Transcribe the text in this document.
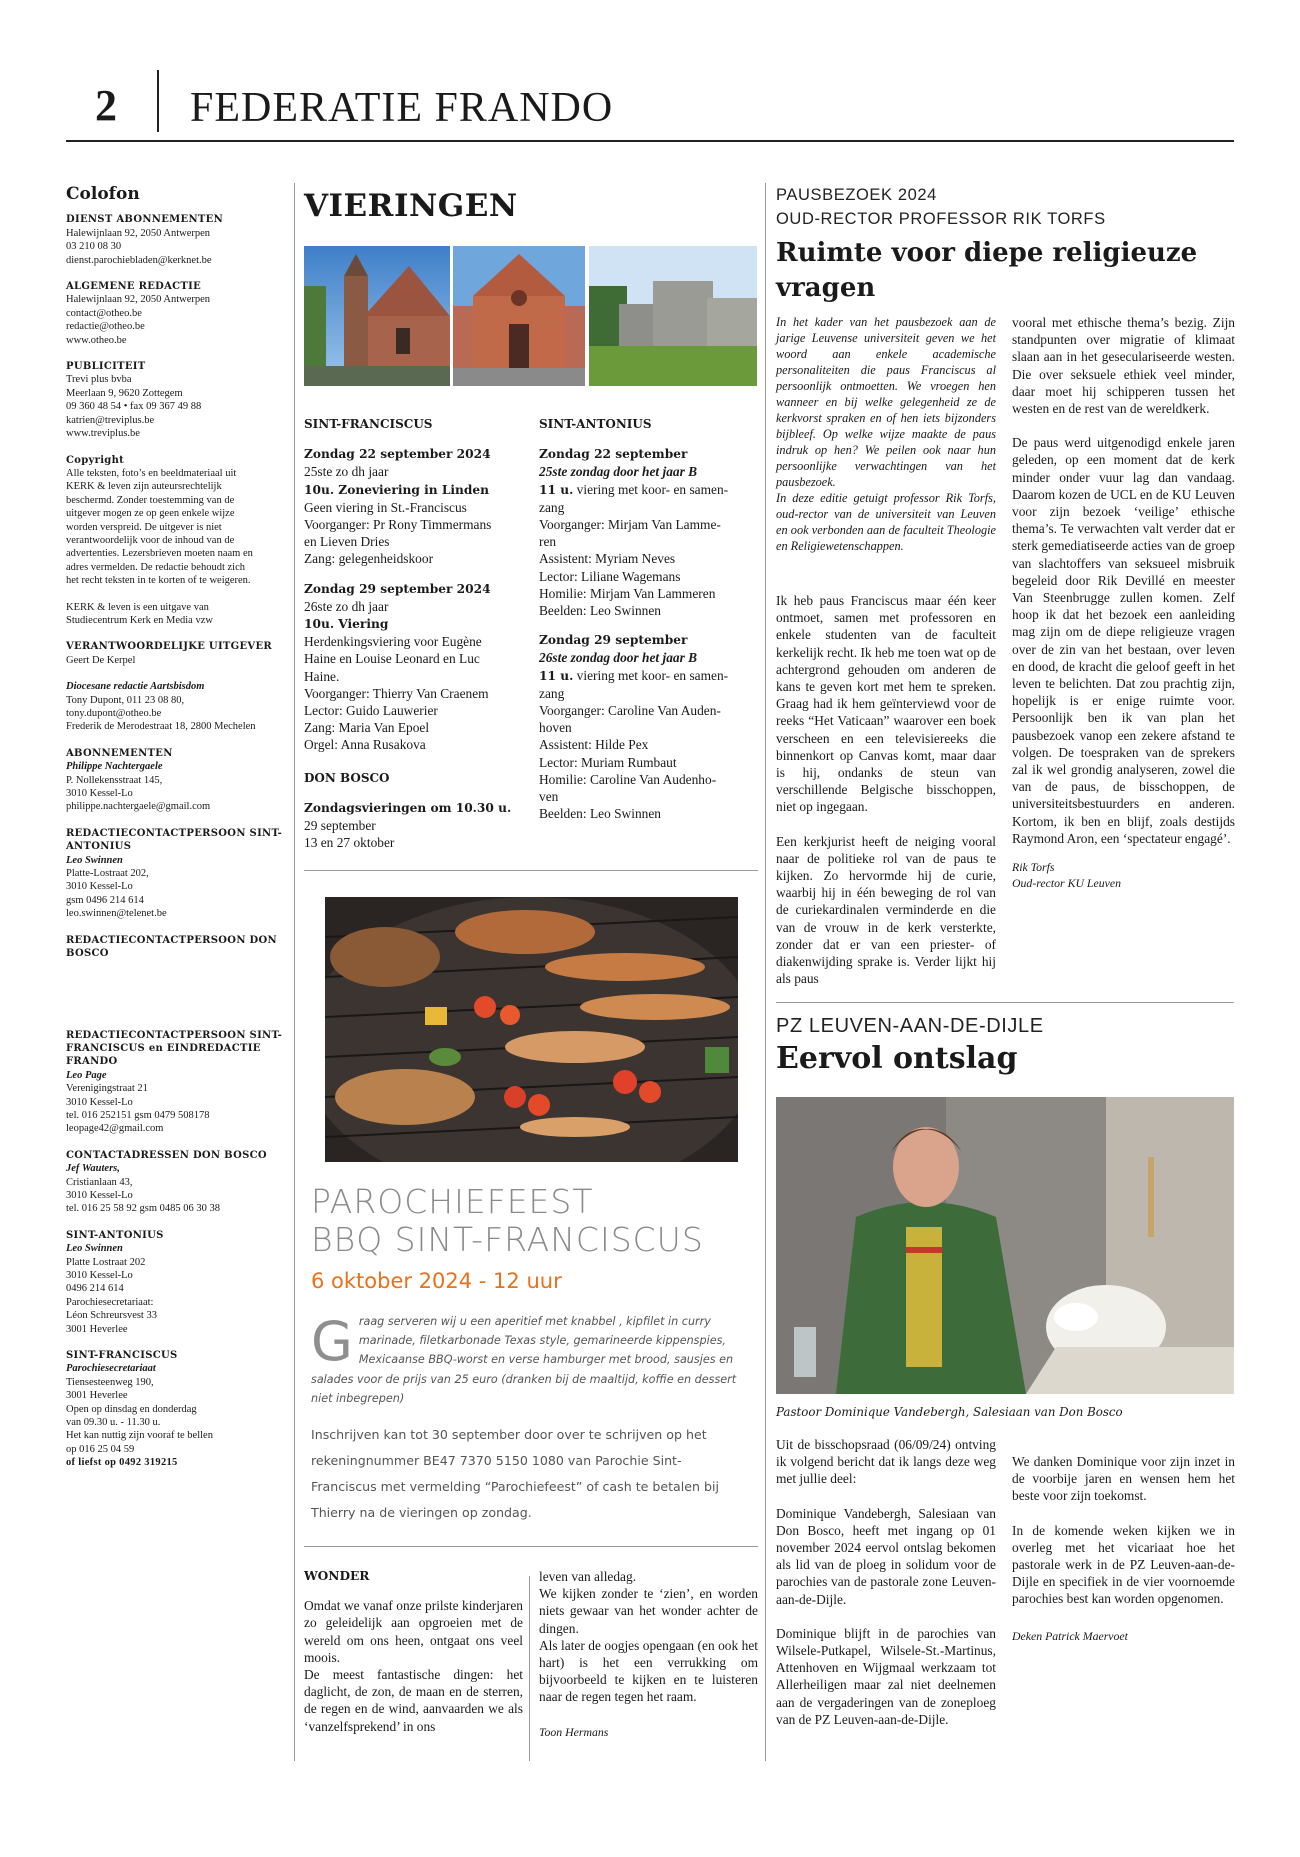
2 FEDERATIE FRANDO
Colofon
DIENST ABONNEMENTEN
Halewijnlaan 92, 2050 Antwerpen
03 210 08 30
dienst.parochiebladen@kerknet.be
ALGEMENE REDACTIE
Halewijnlaan 92, 2050 Antwerpen
contact@otheo.be
redactie@otheo.be
www.otheo.be
PUBLICITEIT
Trevi plus bvba
Meerlaan 9, 9620 Zottegem
09 360 48 54 • fax 09 367 49 88
katrien@treviplus.be
www.treviplus.be
Copyright
Alle teksten, foto’s en beeldmateriaal uit
KERK & leven zijn auteursrechtelijk
beschermd. Zonder toestemming van de
uitgever mogen ze op geen enkele wijze
worden verspreid. De uitgever is niet
verantwoordelijk voor de inhoud van de
advertenties. Lezersbrieven moeten naam en
adres vermelden. De redactie behoudt zich
het recht teksten in te korten of te weigeren.
KERK & leven is een uitgave van
Studiecentrum Kerk en Media vzw
VERANTWOORDELIJKE UITGEVER
Geert De Kerpel
Diocesane redactie Aartsbisdom
Tony Dupont, 011 23 08 80,
tony.dupont@otheo.be
Frederik de Merodestraat 18, 2800 Mechelen
ABONNEMENTEN
Philippe Nachtergaele
P. Nollekensstraat 145,
3010 Kessel-Lo
philippe.nachtergaele@gmail.com
REDACTIECONTACTPERSOON SINT-ANTONIUS
Leo Swinnen
Platte-Lostraat 202,
3010 Kessel-Lo
gsm 0496 214 614
leo.swinnen@telenet.be
REDACTIECONTACTPERSOON DON BOSCO
REDACTIECONTACTPERSOON SINT-FRANCISCUS en EINDREDACTIE FRANDO
Leo Page
Verenigingstraat 21
3010 Kessel-Lo
tel. 016 252151 gsm 0479 508178
leopage42@gmail.com
CONTACTADRESSEN DON BOSCO
Jef Wauters,
Cristianlaan 43,
3010 Kessel-Lo
tel. 016 25 58 92 gsm 0485 06 30 38
SINT-ANTONIUS
Leo Swinnen
Platte Lostraat 202
3010 Kessel-Lo
0496 214 614
Parochiesecretariaat:
Léon Schreursvest 33
3001 Heverlee
SINT-FRANCISCUS
Parochiesecretariaat
Tiensesteenweg 190,
3001 Heverlee
Open op dinsdag en donderdag
van 09.30 u. - 11.30 u.
Het kan nuttig zijn vooraf te bellen
op 016 25 04 59
of liefst op 0492 319215
VIERINGEN
SINT-FRANCISCUS
Zondag 22 september 2024
25ste zo dh jaar
10u. Zoneviering in Linden
Geen viering in St.-Franciscus
Voorganger: Pr Rony Timmermans
en Lieven Dries
Zang: gelegenheidskoor
Zondag 29 september 2024
26ste zo dh jaar
10u. Viering
Herdenkingsviering voor Eugène
Haine en Louise Leonard en Luc
Haine.
Voorganger: Thierry Van Craenem
Lector: Guido Lauwerier
Zang: Maria Van Epoel
Orgel: Anna Rusakova
DON BOSCO
Zondagsvieringen om 10.30 u.
29 september
13 en 27 oktober
SINT-ANTONIUS
Zondag 22 september
25ste zondag door het jaar B
11 u. viering met koor- en samen-
zang
Voorganger: Mirjam Van Lamme-
ren
Assistent: Myriam Neves
Lector: Liliane Wagemans
Homilie: Mirjam Van Lammeren
Beelden: Leo Swinnen
Zondag 29 september
26ste zondag door het jaar B
11 u. viering met koor- en samen-
zang
Voorganger: Caroline Van Auden-
hoven
Assistent: Hilde Pex
Lector: Muriam Rumbaut
Homilie: Caroline Van Audenho-
ven
Beelden: Leo Swinnen
PAROCHIEFEEST
BBQ SINT-FRANCISCUS
6 oktober 2024 - 12 uur
Graag serveren wij u een aperitief met knabbel , kipfilet in curry marinade, filetkarbonade Texas style, gemarineerde kippenspies, Mexicaanse BBQ-worst en verse hamburger met brood, sausjes en salades voor de prijs van 25 euro (dranken bij de maaltijd, koffie en dessert niet inbegrepen)
Inschrijven kan tot 30 september door over te schrijven op het rekeningnummer BE47 7370 5150 1080 van Parochie Sint-Franciscus met vermelding “Parochiefeest” of cash te betalen bij Thierry na de vieringen op zondag.
WONDER

Omdat we vanaf onze prilste kinderjaren zo geleidelijk aan opgroeien met de wereld om ons heen, ontgaat ons veel moois.

De meest fantastische dingen: het daglicht, de zon, de maan en de sterren, de regen en de wind, aanvaarden we als ‘vanzelfsprekend’ in ons

leven van alledag.

We kijken zonder te ‘zien’, en worden niets gewaar van het wonder achter de dingen.

Als later de oogjes opengaan (en ook het hart) is het een verrukking om bijvoorbeeld te kijken en te luisteren naar de regen tegen het raam.

Toon Hermans

PAUSBEZOEK 2024
OUD-RECTOR PROFESSOR RIK TORFS
Ruimte voor diepe religieuze vragen

In het kader van het pausbezoek aan de jarige Leuvense universiteit geven we het woord aan enkele academische personaliteiten die paus Franciscus al persoonlijk ontmoetten. We vroegen hen wanneer en bij welke gelegenheid ze de kerkvorst spraken en of hen iets bijzonders bijbleef. Op welke wijze maakte de paus indruk op hen? We peilen ook naar hun persoonlijke verwachtingen van het pausbezoek.

In deze editie getuigt professor Rik Torfs, oud-rector van de universiteit van Leuven en ook verbonden aan de faculteit Theologie en Religiewetenschappen.

Ik heb paus Franciscus maar één keer ontmoet, samen met professoren en enkele studenten van de faculteit kerkelijk recht. Ik heb me toen wat op de achtergrond gehouden om anderen de kans te geven kort met hem te spreken. Graag had ik hem geïnterviewd voor de reeks “Het Vaticaan” waarover een boek verscheen en een televisiereeks die binnenkort op Canvas komt, maar daar is hij, ondanks de steun van verschillende Belgische bisschoppen, niet op ingegaan.

Een kerkjurist heeft de neiging vooral naar de politieke rol van de paus te kijken. Zo hervormde hij de curie, waarbij hij in één beweging de rol van de curiekardinalen verminderde en die van de vrouw in de kerk versterkte, zonder dat er van een priester- of diakenwijding sprake is. Verder lijkt hij als paus

vooral met ethische thema’s bezig. Zijn standpunten over migratie of klimaat slaan aan in het geseculariseerde westen. Die over seksuele ethiek veel minder, daar moet hij schipperen tussen het westen en de rest van de wereldkerk.

De paus werd uitgenodigd enkele jaren geleden, op een moment dat de kerk minder onder vuur lag dan vandaag. Daarom kozen de UCL en de KU Leuven voor zijn bezoek ‘veilige’ ethische thema’s. Te verwachten valt verder dat er sterk gemediatiseerde acties van de groep van slachtoffers van seksueel misbruik begeleid door Rik Devillé en meester Van Steenbrugge zullen komen. Zelf hoop ik dat het bezoek een aanleiding mag zijn om de diepe religieuze vragen over de zin van het bestaan, over leven en dood, de kracht die geloof geeft in het leven te belichten. Dat zou prachtig zijn, hopelijk is er enige ruimte voor. Persoonlijk ben ik van plan het pausbezoek vanop een zekere afstand te volgen. De toespraken van de sprekers zal ik wel grondig analyseren, zowel die van de paus, de bisschoppen, de universiteitsbestuurders en anderen. Kortom, ik ben en blijf, zoals destijds Raymond Aron, een ‘spectateur engagé’.

Rik Torfs

Oud-rector KU Leuven

PZ LEUVEN-AAN-DE-DIJLE
Eervol ontslag

Pastoor Dominique Vandebergh, Salesiaan van Don Bosco

Uit de bisschopsraad (06/09/24) ontving ik volgend bericht dat ik langs deze weg met jullie deel:

Dominique Vandebergh, Salesiaan van Don Bosco, heeft met ingang op 01 november 2024 eervol ontslag bekomen als lid van de ploeg in solidum voor de parochies van de pastorale zone Leuven-aan-de-Dijle.

Dominique blijft in de parochies van Wilsele-Putkapel, Wilsele-St.-Martinus, Attenhoven en Wijgmaal werkzaam tot Allerheiligen maar zal niet deelnemen aan de vergaderingen van de zoneploeg van de PZ Leuven-aan-de-Dijle.

We danken Dominique voor zijn inzet in de voorbije jaren en wensen hem het beste voor zijn toekomst.

In de komende weken kijken we in overleg met het vicariaat hoe het pastorale werk in de PZ Leuven-aan-de-Dijle en specifiek in de vier voornoemde parochies best kan worden opgenomen.

Deken Patrick Maervoet
